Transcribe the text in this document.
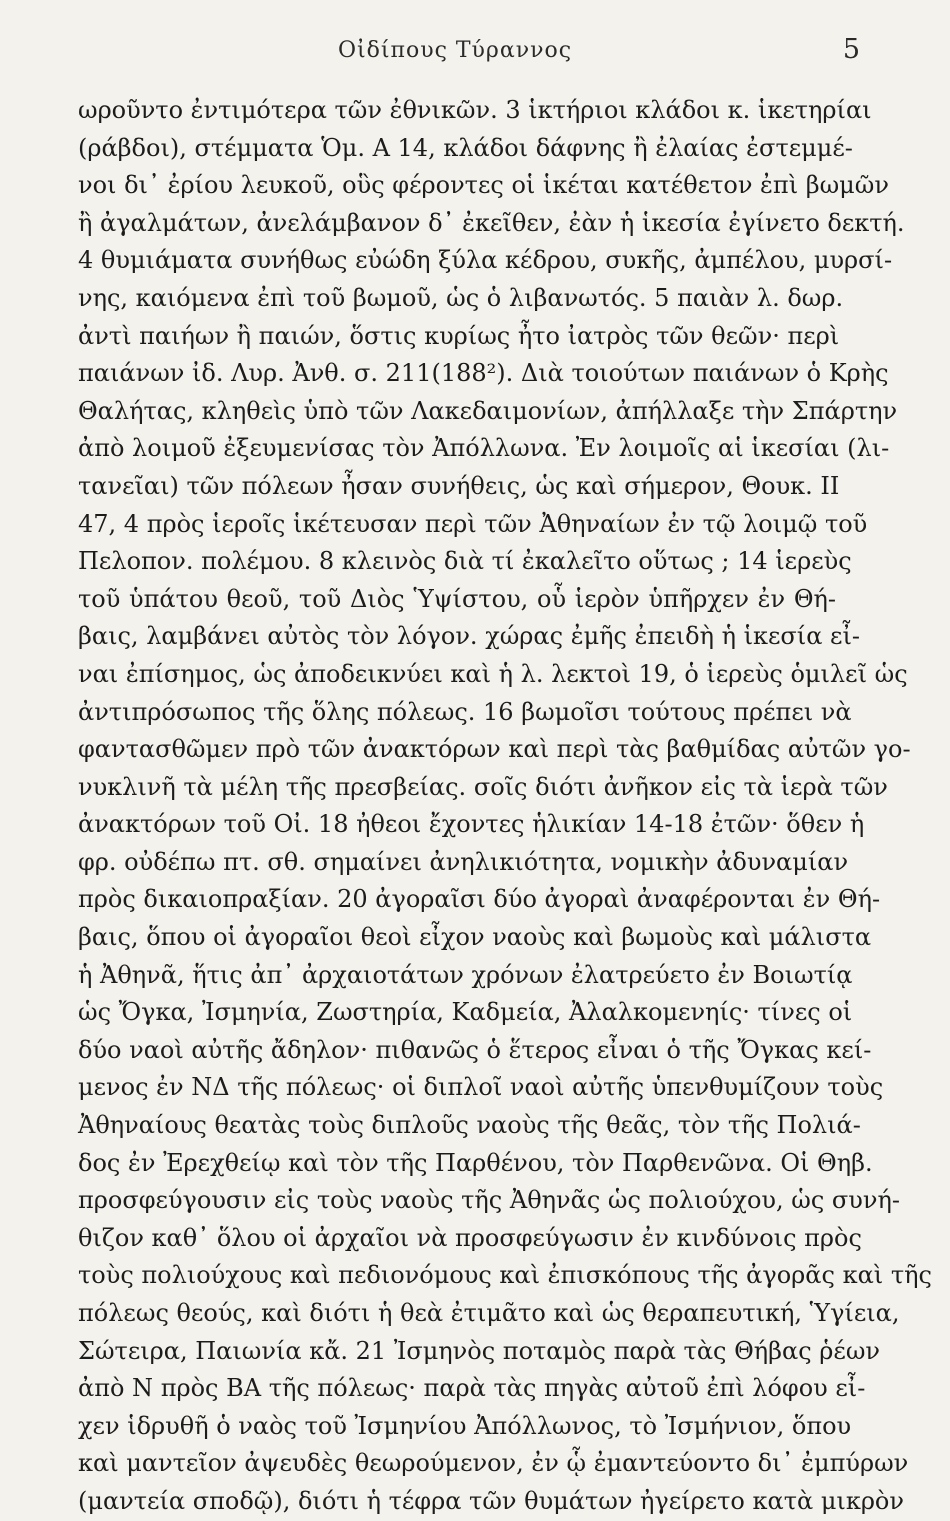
Οἰδίπους Τύραννος	5
ωροῦντο ἐντιμότερα τῶν ἐθνικῶν. 3 ἱκτήριοι κλάδοι κ. ἱκετηρίαι
(ράβδοι), στέμματα Ὁμ. Α 14, κλάδοι δάφνης ἢ ἐλαίας ἐστεμμέ-
νοι δι᾽ ἐρίου λευκοῦ, οὓς φέροντες οἱ ἱκέται κατέθετον ἐπὶ βωμῶν
ἢ ἀγαλμάτων, ἀνελάμβανον δ᾽ ἐκεῖθεν, ἐὰν ἡ ἱκεσία ἐγίνετο δεκτή.
4 θυμιάματα συνήθως εὐώδη ξύλα κέδρου, συκῆς, ἀμπέλου, μυρσί-
νης, καιόμενα ἐπὶ τοῦ βωμοῦ, ὡς ὁ λιβανωτός. 5 παιὰν λ. δωρ.
ἀντὶ παιήων ἢ παιών, ὅστις κυρίως ἦτο ἰατρὸς τῶν θεῶν· περὶ
παιάνων ἰδ. Λυρ. Ἀνθ. σ. 211(188²). Διὰ τοιούτων παιάνων ὁ Κρὴς
Θαλήτας, κληθεὶς ὑπὸ τῶν Λακεδαιμονίων, ἀπήλλαξε τὴν Σπάρτην
ἀπὸ λοιμοῦ ἐξευμενίσας τὸν Ἀπόλλωνα. Ἐν λοιμοῖς αἱ ἱκεσίαι (λι-
τανεῖαι) τῶν πόλεων ἦσαν συνήθεις, ὡς καὶ σήμερον, Θουκ. ΙΙ
47, 4 πρὸς ἱεροῖς ἱκέτευσαν περὶ τῶν Ἀθηναίων ἐν τῷ λοιμῷ τοῦ
Πελοπον. πολέμου. 8 κλεινὸς διὰ τί ἐκαλεῖτο οὕτως ; 14 ἱερεὺς
τοῦ ὑπάτου θεοῦ, τοῦ Διὸς Ὑψίστου, οὗ ἱερὸν ὑπῆρχεν ἐν Θή-
βαις, λαμβάνει αὐτὸς τὸν λόγον. χώρας ἐμῆς ἐπειδὴ ἡ ἱκεσία εἶ-
ναι ἐπίσημος, ὡς ἀποδεικνύει καὶ ἡ λ. λεκτοὶ 19, ὁ ἱερεὺς ὁμιλεῖ ὡς
ἀντιπρόσωπος τῆς ὅλης πόλεως. 16 βωμοῖσι τούτους πρέπει νὰ
φαντασθῶμεν πρὸ τῶν ἀνακτόρων καὶ περὶ τὰς βαθμίδας αὐτῶν γο-
νυκλινῆ τὰ μέλη τῆς πρεσβείας. σοῖς διότι ἀνῆκον εἰς τὰ ἱερὰ τῶν
ἀνακτόρων τοῦ Οἰ. 18 ἠθεοι ἔχοντες ἡλικίαν 14-18 ἐτῶν· ὅθεν ἡ
φρ. οὐδέπω πτ. σθ. σημαίνει ἀνηλικιότητα, νομικὴν ἀδυναμίαν
πρὸς δικαιοπραξίαν. 20 ἀγοραῖσι δύο ἀγοραὶ ἀναφέρονται ἐν Θή-
βαις, ὅπου οἱ ἀγοραῖοι θεοὶ εἶχον ναοὺς καὶ βωμοὺς καὶ μάλιστα
ἡ Ἀθηνᾶ, ἥτις ἀπ᾽ ἀρχαιοτάτων χρόνων ἐλατρεύετο ἐν Βοιωτίᾳ
ὡς Ὄγκα, Ἰσμηνία, Ζωστηρία, Καδμεία, Ἀλαλκομενηίς· τίνες οἱ
δύο ναοὶ αὐτῆς ἄδηλον· πιθανῶς ὁ ἕτερος εἶναι ὁ τῆς Ὄγκας κεί-
μενος ἐν ΝΔ τῆς πόλεως· οἱ διπλοῖ ναοὶ αὐτῆς ὑπενθυμίζουν τοὺς
Ἀθηναίους θεατὰς τοὺς διπλοῦς ναοὺς τῆς θεᾶς, τὸν τῆς Πολιά-
δος ἐν Ἐρεχθείῳ καὶ τὸν τῆς Παρθένου, τὸν Παρθενῶνα. Οἱ Θηβ.
προσφεύγουσιν εἰς τοὺς ναοὺς τῆς Ἀθηνᾶς ὡς πολιούχου, ὡς συνή-
θιζον καθ᾽ ὅλου οἱ ἀρχαῖοι νὰ προσφεύγωσιν ἐν κινδύνοις πρὸς
τοὺς πολιούχους καὶ πεδιονόμους καὶ ἐπισκόπους τῆς ἀγορᾶς καὶ τῆς
πόλεως θεούς, καὶ διότι ἡ θεὰ ἐτιμᾶτο καὶ ὡς θεραπευτική, Ὑγίεια,
Σώτειρα, Παιωνία κἄ. 21 Ἰσμηνὸς ποταμὸς παρὰ τὰς Θήβας ῥέων
ἀπὸ Ν πρὸς ΒΑ τῆς πόλεως· παρὰ τὰς πηγὰς αὐτοῦ ἐπὶ λόφου εἶ-
χεν ἱδρυθῆ ὁ ναὸς τοῦ Ἰσμηνίου Ἀπόλλωνος, τὸ Ἰσμήνιον, ὅπου
καὶ μαντεῖον ἀψευδὲς θεωρούμενον, ἐν ᾧ ἐμαντεύοντο δι᾽ ἐμπύρων
(μαντεία σποδῷ), διότι ἡ τέφρα τῶν θυμάτων ἠγείρετο κατὰ μικρὸν
